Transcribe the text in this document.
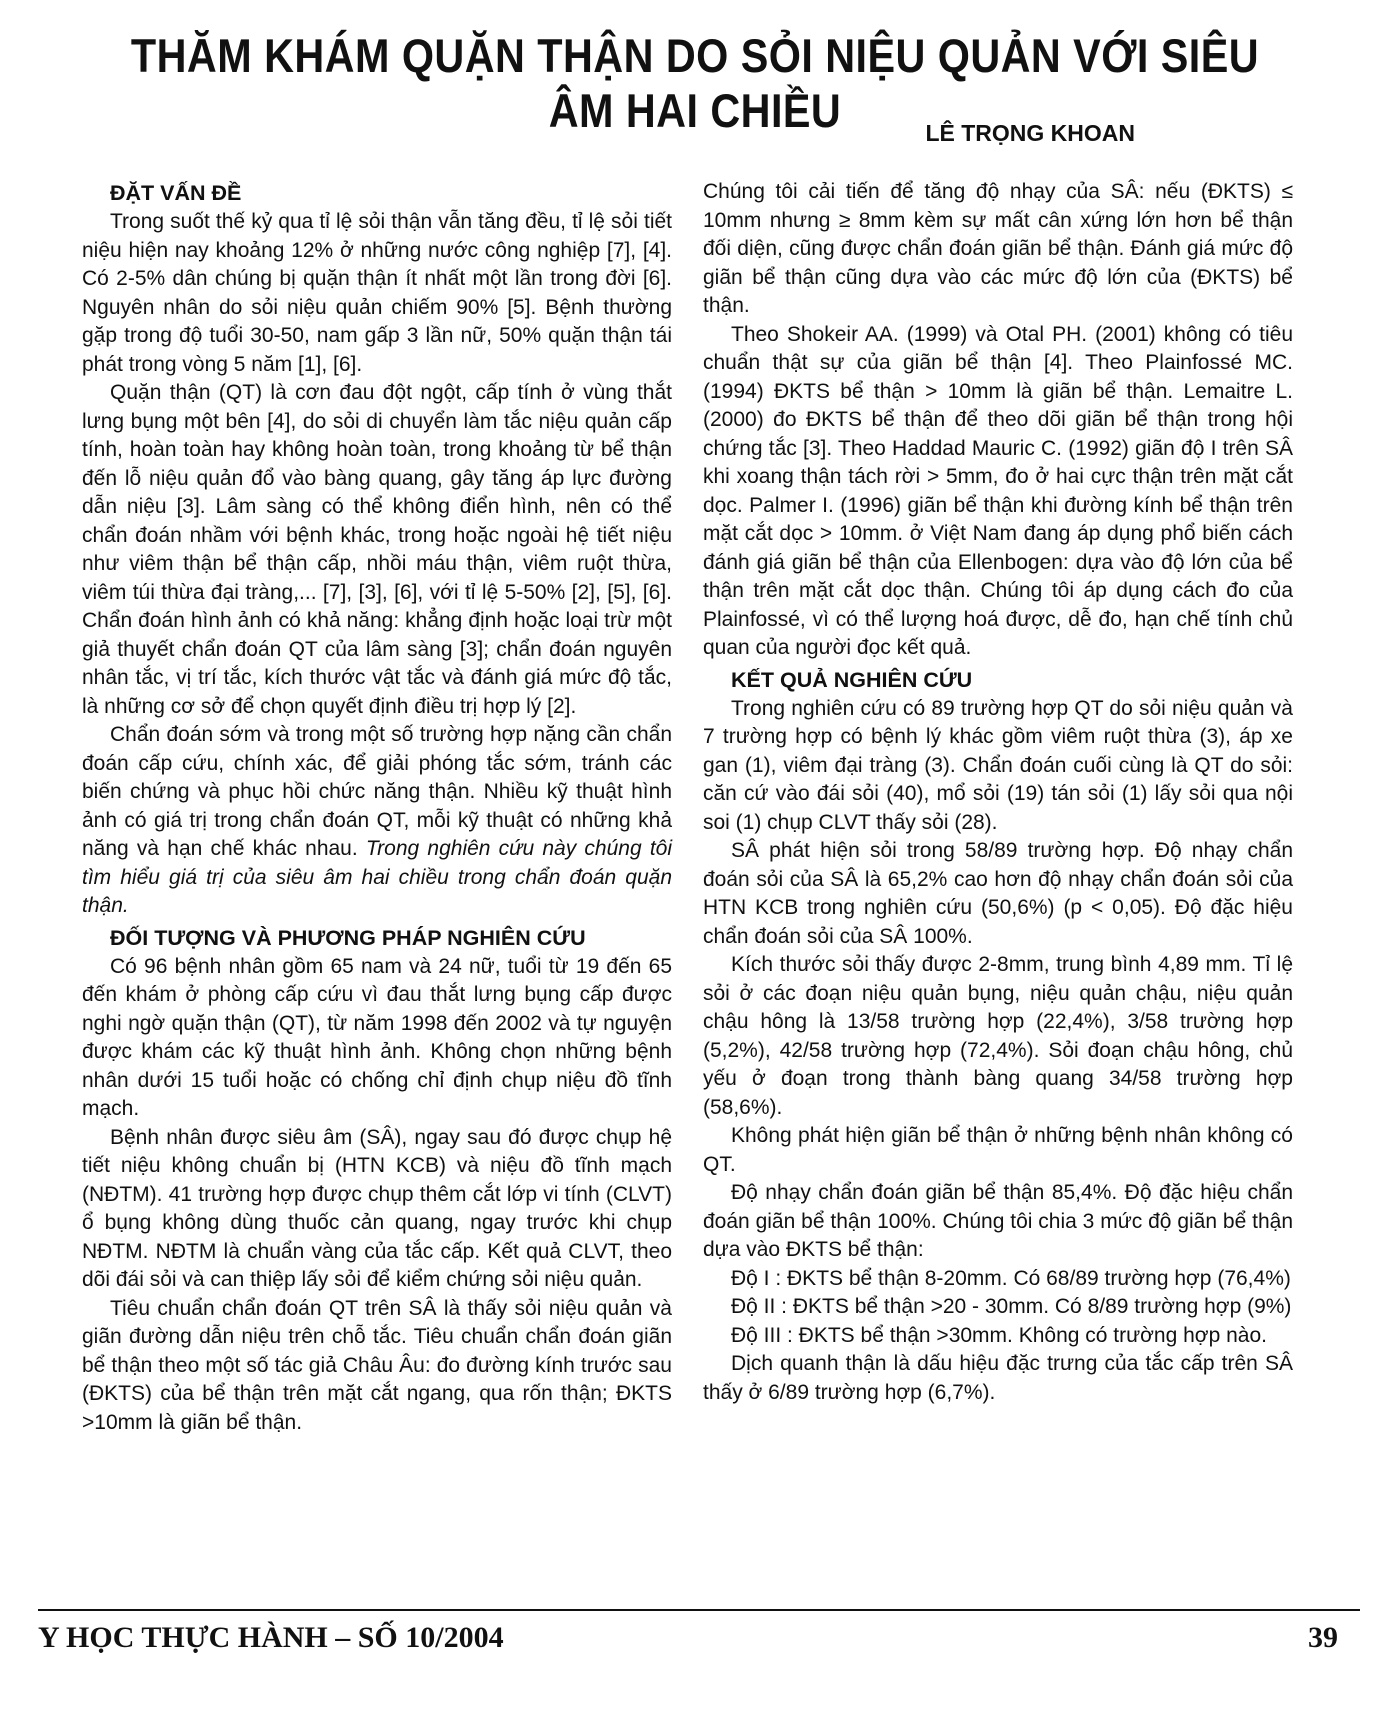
THĂM KHÁM QUẶN THẬN DO SỎI NIỆU QUẢN VỚI SIÊU ÂM HAI CHIỀU	LÊ TRỌNG KHOAN

ĐẶT VẤN ĐỀ

Trong suốt thế kỷ qua tỉ lệ sỏi thận vẫn tăng đều, tỉ lệ sỏi tiết niệu hiện nay khoảng 12% ở những nước công nghiệp [7], [4]. Có 2-5% dân chúng bị quặn thận ít nhất một lần trong đời [6]. Nguyên nhân do sỏi niệu quản chiếm 90% [5]. Bệnh thường gặp trong độ tuổi 30-50, nam gấp 3 lần nữ, 50% quặn thận tái phát trong vòng 5 năm [1], [6].

Quặn thận (QT) là cơn đau đột ngột, cấp tính ở vùng thắt lưng bụng một bên [4], do sỏi di chuyển làm tắc niệu quản cấp tính, hoàn toàn hay không hoàn toàn, trong khoảng từ bể thận đến lỗ niệu quản đổ vào bàng quang, gây tăng áp lực đường dẫn niệu [3]. Lâm sàng có thể không điển hình, nên có thể chẩn đoán nhầm với bệnh khác, trong hoặc ngoài hệ tiết niệu như viêm thận bể thận cấp, nhồi máu thận, viêm ruột thừa, viêm túi thừa đại tràng,... [7], [3], [6], với tỉ lệ 5-50% [2], [5], [6]. Chẩn đoán hình ảnh có khả năng: khẳng định hoặc loại trừ một giả thuyết chẩn đoán QT của lâm sàng [3]; chẩn đoán nguyên nhân tắc, vị trí tắc, kích thước vật tắc và đánh giá mức độ tắc, là những cơ sở để chọn quyết định điều trị hợp lý [2].

Chẩn đoán sớm và trong một số trường hợp nặng cần chẩn đoán cấp cứu, chính xác, để giải phóng tắc sớm, tránh các biến chứng và phục hồi chức năng thận. Nhiều kỹ thuật hình ảnh có giá trị trong chẩn đoán QT, mỗi kỹ thuật có những khả năng và hạn chế khác nhau. Trong nghiên cứu này chúng tôi tìm hiểu giá trị của siêu âm hai chiều trong chẩn đoán quặn thận.

ĐỐI TƯỢNG VÀ PHƯƠNG PHÁP NGHIÊN CỨU

Có 96 bệnh nhân gồm 65 nam và 24 nữ, tuổi từ 19 đến 65 đến khám ở phòng cấp cứu vì đau thắt lưng bụng cấp được nghi ngờ quặn thận (QT), từ năm 1998 đến 2002 và tự nguyện được khám các kỹ thuật hình ảnh. Không chọn những bệnh nhân dưới 15 tuổi hoặc có chống chỉ định chụp niệu đồ tĩnh mạch.

Bệnh nhân được siêu âm (SÂ), ngay sau đó được chụp hệ tiết niệu không chuẩn bị (HTN KCB) và niệu đồ tĩnh mạch (NĐTM). 41 trường hợp được chụp thêm cắt lớp vi tính (CLVT) ổ bụng không dùng thuốc cản quang, ngay trước khi chụp NĐTM. NĐTM là chuẩn vàng của tắc cấp. Kết quả CLVT, theo dõi đái sỏi và can thiệp lấy sỏi để kiểm chứng sỏi niệu quản.

Tiêu chuẩn chẩn đoán QT trên SÂ là thấy sỏi niệu quản và giãn đường dẫn niệu trên chỗ tắc. Tiêu chuẩn chẩn đoán giãn bể thận theo một số tác giả Châu Âu: đo đường kính trước sau (ĐKTS) của bể thận trên mặt cắt ngang, qua rốn thận; ĐKTS >10mm là giãn bể thận.

Chúng tôi cải tiến để tăng độ nhạy của SÂ: nếu (ĐKTS) ≤ 10mm nhưng ≥ 8mm kèm sự mất cân xứng lớn hơn bể thận đối diện, cũng được chẩn đoán giãn bể thận. Đánh giá mức độ giãn bể thận cũng dựa vào các mức độ lớn của (ĐKTS) bể thận.

Theo Shokeir AA. (1999) và Otal PH. (2001) không có tiêu chuẩn thật sự của giãn bể thận [4]. Theo Plainfossé MC. (1994) ĐKTS bể thận > 10mm là giãn bể thận. Lemaitre L. (2000) đo ĐKTS bể thận để theo dõi giãn bể thận trong hội chứng tắc [3]. Theo Haddad Mauric C. (1992) giãn độ I trên SÂ khi xoang thận tách rời > 5mm, đo ở hai cực thận trên mặt cắt dọc. Palmer I. (1996) giãn bể thận khi đường kính bể thận trên mặt cắt dọc > 10mm. ở Việt Nam đang áp dụng phổ biến cách đánh giá giãn bể thận của Ellenbogen: dựa vào độ lớn của bể thận trên mặt cắt dọc thận. Chúng tôi áp dụng cách đo của Plainfossé, vì có thể lượng hoá được, dễ đo, hạn chế tính chủ quan của người đọc kết quả.

KẾT QUẢ NGHIÊN CỨU

Trong nghiên cứu có 89 trường hợp QT do sỏi niệu quản và 7 trường hợp có bệnh lý khác gồm viêm ruột thừa (3), áp xe gan (1), viêm đại tràng (3). Chẩn đoán cuối cùng là QT do sỏi: căn cứ vào đái sỏi (40), mổ sỏi (19) tán sỏi (1) lấy sỏi qua nội soi (1) chụp CLVT thấy sỏi (28).

SÂ phát hiện sỏi trong 58/89 trường hợp. Độ nhạy chẩn đoán sỏi của SÂ là 65,2% cao hơn độ nhạy chẩn đoán sỏi của HTN KCB trong nghiên cứu (50,6%) (p < 0,05). Độ đặc hiệu chẩn đoán sỏi của SÂ 100%.

Kích thước sỏi thấy được 2-8mm, trung bình 4,89 mm. Tỉ lệ sỏi ở các đoạn niệu quản bụng, niệu quản chậu, niệu quản chậu hông là 13/58 trường hợp (22,4%), 3/58 trường hợp (5,2%), 42/58 trường hợp (72,4%). Sỏi đoạn chậu hông, chủ yếu ở đoạn trong thành bàng quang 34/58 trường hợp (58,6%).

Không phát hiện giãn bể thận ở những bệnh nhân không có QT.

Độ nhạy chẩn đoán giãn bể thận 85,4%. Độ đặc hiệu chẩn đoán giãn bể thận 100%. Chúng tôi chia 3 mức độ giãn bể thận dựa vào ĐKTS bể thận:

Độ I : ĐKTS bể thận 8-20mm. Có 68/89 trường hợp (76,4%)

Độ II : ĐKTS bể thận >20 - 30mm. Có 8/89 trường hợp (9%)

Độ III : ĐKTS bể thận >30mm. Không có trường hợp nào.

Dịch quanh thận là dấu hiệu đặc trưng của tắc cấp trên SÂ thấy ở 6/89 trường hợp (6,7%).

Y HỌC THỰC HÀNH – SỐ 10/2004	39
